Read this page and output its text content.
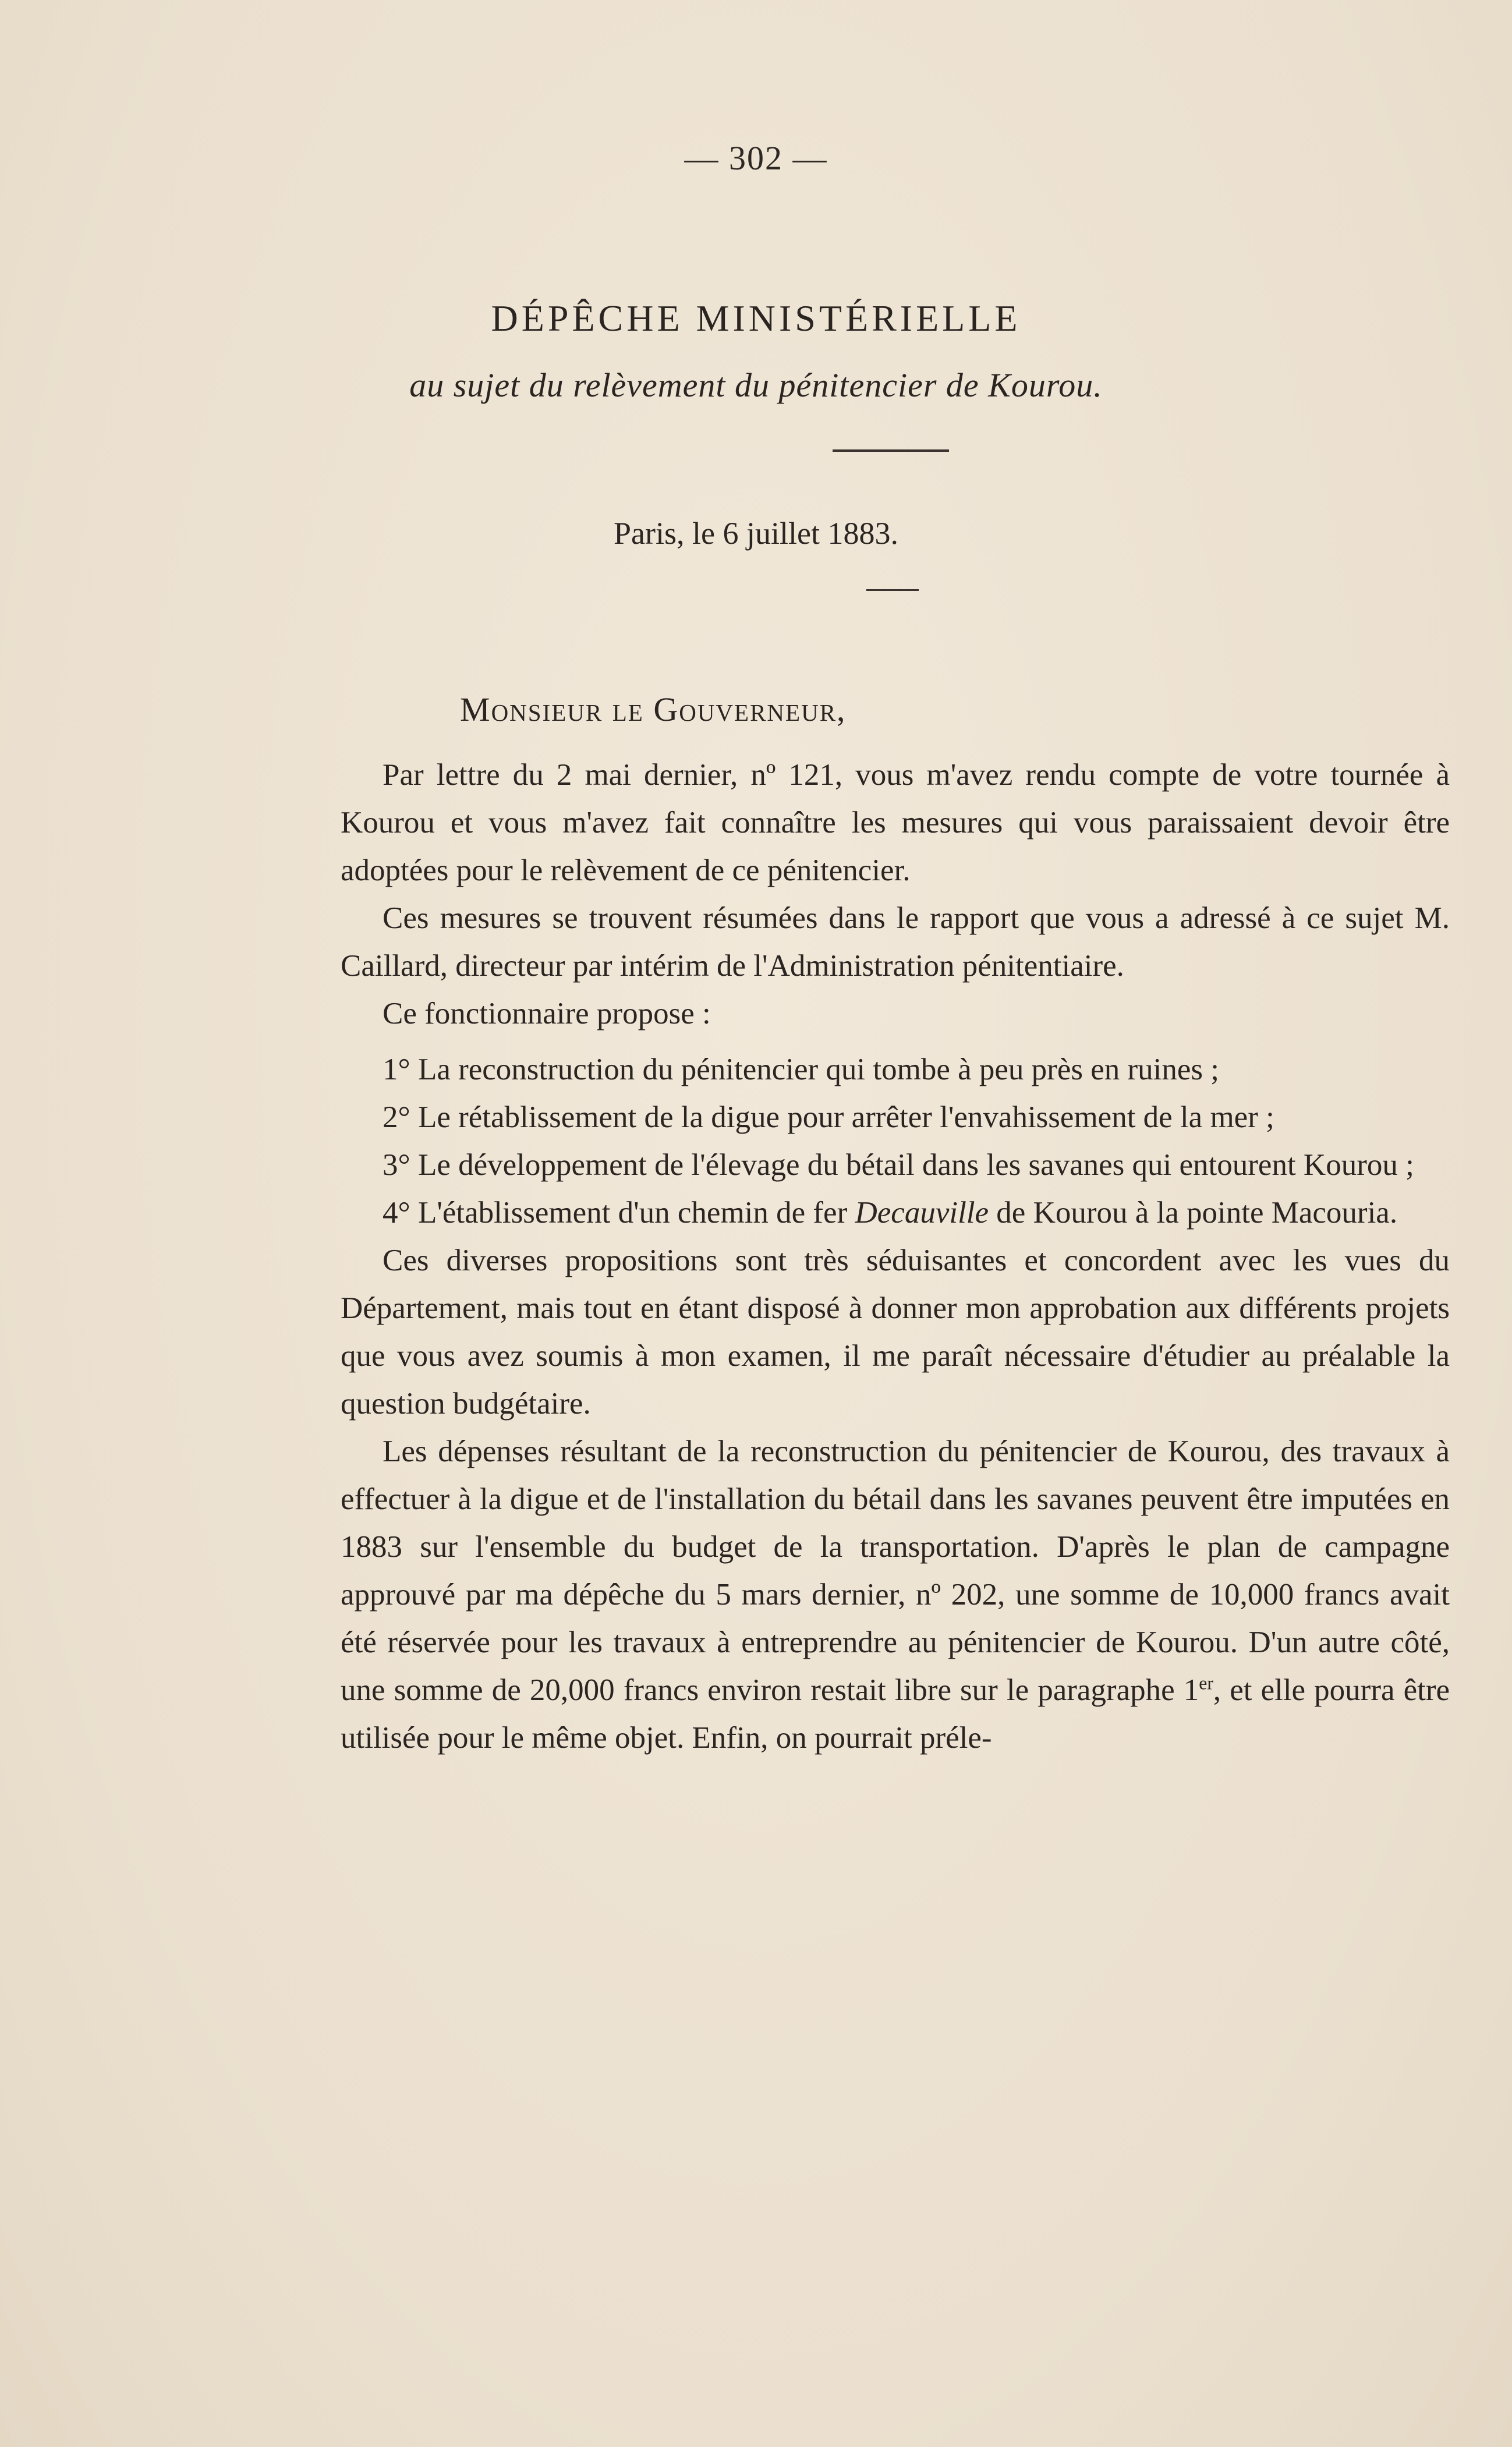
— 302 —
DÉPÊCHE MINISTÉRIELLE
au sujet du relèvement du pénitencier de Kourou.
Paris, le 6 juillet 1883.
Monsieur le Gouverneur,

Par lettre du 2 mai dernier, nº 121, vous m'avez rendu compte de votre tournée à Kourou et vous m'avez fait connaître les mesures qui vous paraissaient devoir être adoptées pour le relèvement de ce pénitencier.

Ces mesures se trouvent résumées dans le rapport que vous a adressé à ce sujet M. Caillard, directeur par intérim de l'Administration pénitentiaire.

Ce fonctionnaire propose :

1° La reconstruction du pénitencier qui tombe à peu près en ruines ;

2° Le rétablissement de la digue pour arrêter l'envahissement de la mer ;

3° Le développement de l'élevage du bétail dans les savanes qui entourent Kourou ;

4° L'établissement d'un chemin de fer Decauville de Kourou à la pointe Macouria.

Ces diverses propositions sont très séduisantes et concordent avec les vues du Département, mais tout en étant disposé à donner mon approbation aux différents projets que vous avez soumis à mon examen, il me paraît nécessaire d'étudier au préalable la question budgétaire.

Les dépenses résultant de la reconstruction du pénitencier de Kourou, des travaux à effectuer à la digue et de l'installation du bétail dans les savanes peuvent être imputées en 1883 sur l'ensemble du budget de la transportation. D'après le plan de campagne approuvé par ma dépêche du 5 mars dernier, nº 202, une somme de 10,000 francs avait été réservée pour les travaux à entreprendre au pénitencier de Kourou. D'un autre côté, une somme de 20,000 francs environ restait libre sur le paragraphe 1er, et elle pourra être utilisée pour le même objet. Enfin, on pourrait préle-
